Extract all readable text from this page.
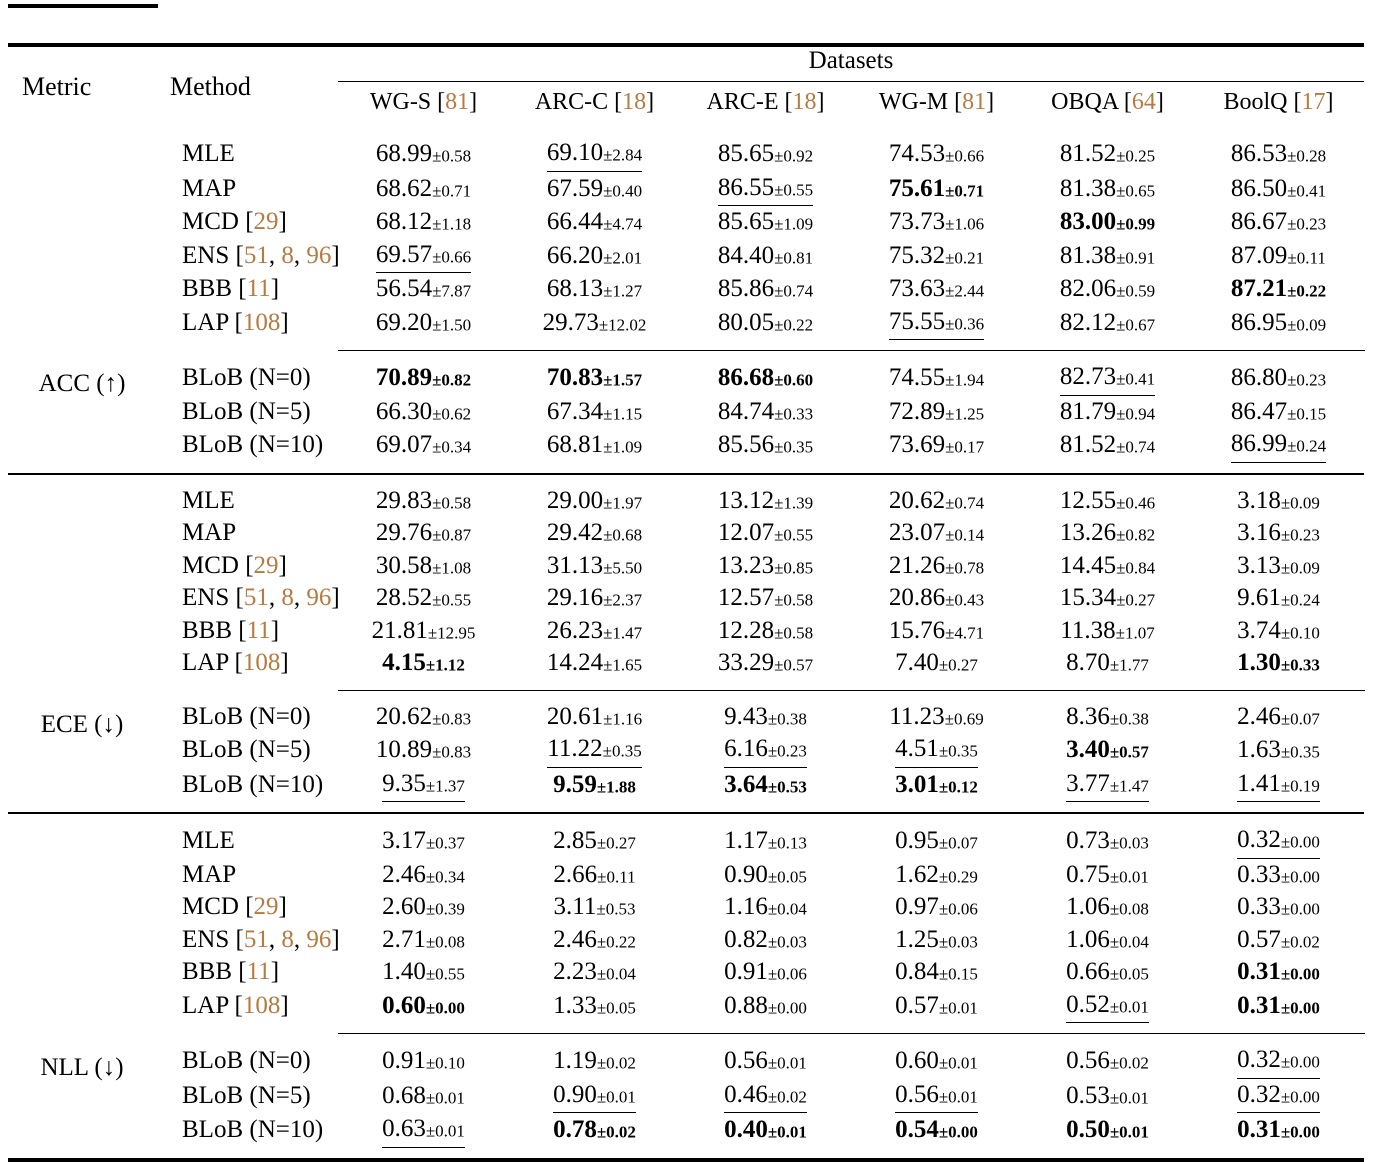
Metric	Method	Datasets					
		WG-S [81]	ARC-C [18]	ARC-E [18]	WG-M [81]	OBQA [64]	BoolQ [17]
	MLE	68.99±0.58	69.10±2.84	85.65±0.92	74.53±0.66	81.52±0.25	86.53±0.28
	MAP	68.62±0.71	67.59±0.40	86.55±0.55	75.61±0.71	81.38±0.65	86.50±0.41
	MCD [29]	68.12±1.18	66.44±4.74	85.65±1.09	73.73±1.06	83.00±0.99	86.67±0.23
	ENS [51, 8, 96]	69.57±0.66	66.20±2.01	84.40±0.81	75.32±0.21	81.38±0.91	87.09±0.11
	BBB [11]	56.54±7.87	68.13±1.27	85.86±0.74	73.63±2.44	82.06±0.59	87.21±0.22
ACC (↑)	LAP [108]	69.20±1.50	29.73±12.02	80.05±0.22	75.55±0.36	82.12±0.67	86.95±0.09

	BLoB (N=0)	70.89±0.82	70.83±1.57	86.68±0.60	74.55±1.94	82.73±0.41	86.80±0.23
	BLoB (N=5)	66.30±0.62	67.34±1.15	84.74±0.33	72.89±1.25	81.79±0.94	86.47±0.15
	BLoB (N=10)	69.07±0.34	68.81±1.09	85.56±0.35	73.69±0.17	81.52±0.74	86.99±0.24

	MLE	29.83±0.58	29.00±1.97	13.12±1.39	20.62±0.74	12.55±0.46	3.18±0.09
	MAP	29.76±0.87	29.42±0.68	12.07±0.55	23.07±0.14	13.26±0.82	3.16±0.23
	MCD [29]	30.58±1.08	31.13±5.50	13.23±0.85	21.26±0.78	14.45±0.84	3.13±0.09
	ENS [51, 8, 96]	28.52±0.55	29.16±2.37	12.57±0.58	20.86±0.43	15.34±0.27	9.61±0.24
	BBB [11]	21.81±12.95	26.23±1.47	12.28±0.58	15.76±4.71	11.38±1.07	3.74±0.10
ECE (↓)	LAP [108]	4.15±1.12	14.24±1.65	33.29±0.57	7.40±0.27	8.70±1.77	1.30±0.33

	BLoB (N=0)	20.62±0.83	20.61±1.16	9.43±0.38	11.23±0.69	8.36±0.38	2.46±0.07
	BLoB (N=5)	10.89±0.83	11.22±0.35	6.16±0.23	4.51±0.35	3.40±0.57	1.63±0.35
	BLoB (N=10)	9.35±1.37	9.59±1.88	3.64±0.53	3.01±0.12	3.77±1.47	1.41±0.19

	MLE	3.17±0.37	2.85±0.27	1.17±0.13	0.95±0.07	0.73±0.03	0.32±0.00
	MAP	2.46±0.34	2.66±0.11	0.90±0.05	1.62±0.29	0.75±0.01	0.33±0.00
	MCD [29]	2.60±0.39	3.11±0.53	1.16±0.04	0.97±0.06	1.06±0.08	0.33±0.00
	ENS [51, 8, 96]	2.71±0.08	2.46±0.22	0.82±0.03	1.25±0.03	1.06±0.04	0.57±0.02
	BBB [11]	1.40±0.55	2.23±0.04	0.91±0.06	0.84±0.15	0.66±0.05	0.31±0.00
NLL (↓)	LAP [108]	0.60±0.00	1.33±0.05	0.88±0.00	0.57±0.01	0.52±0.01	0.31±0.00

	BLoB (N=0)	0.91±0.10	1.19±0.02	0.56±0.01	0.60±0.01	0.56±0.02	0.32±0.00
	BLoB (N=5)	0.68±0.01	0.90±0.01	0.46±0.02	0.56±0.01	0.53±0.01	0.32±0.00
	BLoB (N=10)	0.63±0.01	0.78±0.02	0.40±0.01	0.54±0.00	0.50±0.01	0.31±0.00
